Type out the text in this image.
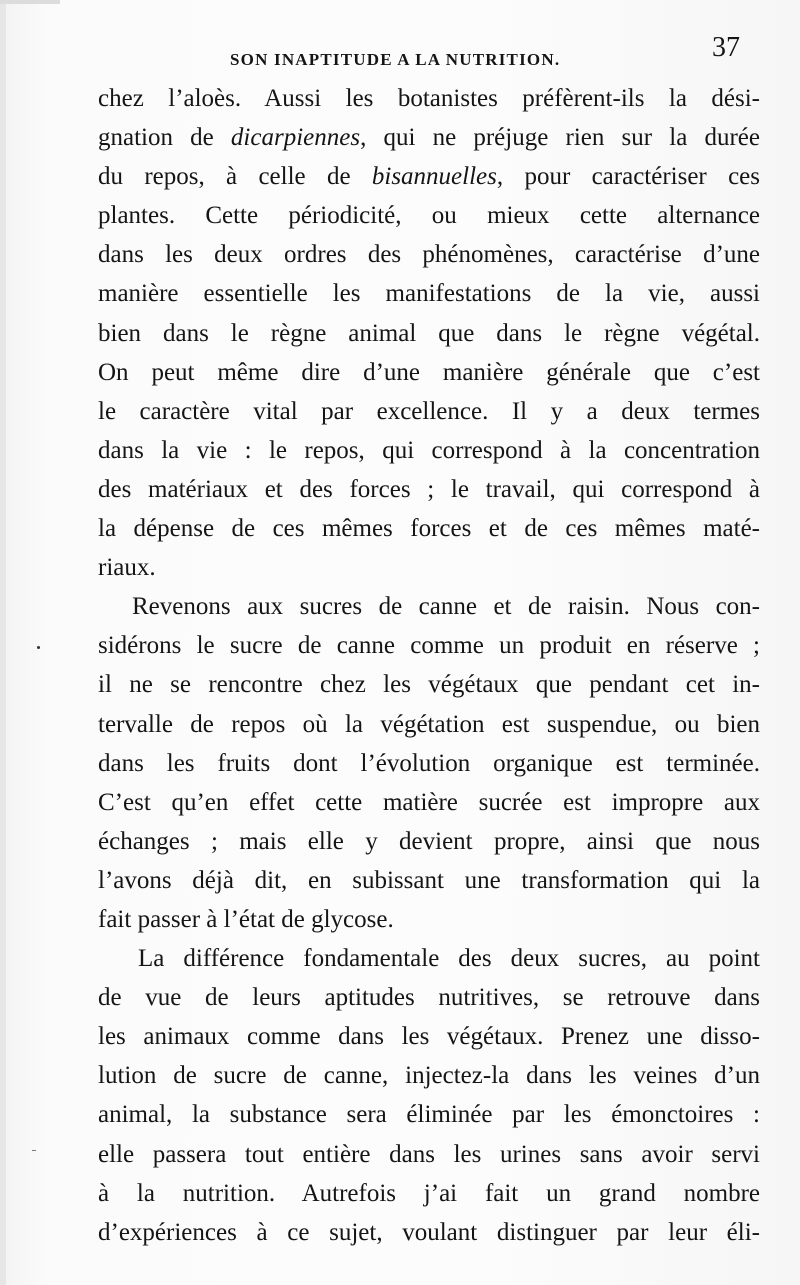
SON INAPTITUDE A LA NUTRITION.	37

chez l’aloès. Aussi les botanistes préfèrent-ils la dési-
gnation de dicarpiennes, qui ne préjuge rien sur la durée
du repos, à celle de bisannuelles, pour caractériser ces
plantes. Cette périodicité, ou mieux cette alternance
dans les deux ordres des phénomènes, caractérise d’une
manière essentielle les manifestations de la vie, aussi
bien dans le règne animal que dans le règne végétal.
On peut même dire d’une manière générale que c’est
le caractère vital par excellence. Il y a deux termes
dans la vie : le repos, qui correspond à la concentration
des matériaux et des forces ; le travail, qui correspond à
la dépense de ces mêmes forces et de ces mêmes maté-
riaux.

Revenons aux sucres de canne et de raisin. Nous con-
sidérons le sucre de canne comme un produit en réserve ;
il ne se rencontre chez les végétaux que pendant cet in-
tervalle de repos où la végétation est suspendue, ou bien
dans les fruits dont l’évolution organique est terminée.
C’est qu’en effet cette matière sucrée est impropre aux
échanges ; mais elle y devient propre, ainsi que nous
l’avons déjà dit, en subissant une transformation qui la
fait passer à l’état de glycose.

La différence fondamentale des deux sucres, au point
de vue de leurs aptitudes nutritives, se retrouve dans
les animaux comme dans les végétaux. Prenez une disso-
lution de sucre de canne, injectez-la dans les veines d’un
animal, la substance sera éliminée par les émonctoires :
elle passera tout entière dans les urines sans avoir servi
à la nutrition. Autrefois j’ai fait un grand nombre
d’expériences à ce sujet, voulant distinguer par leur éli-
